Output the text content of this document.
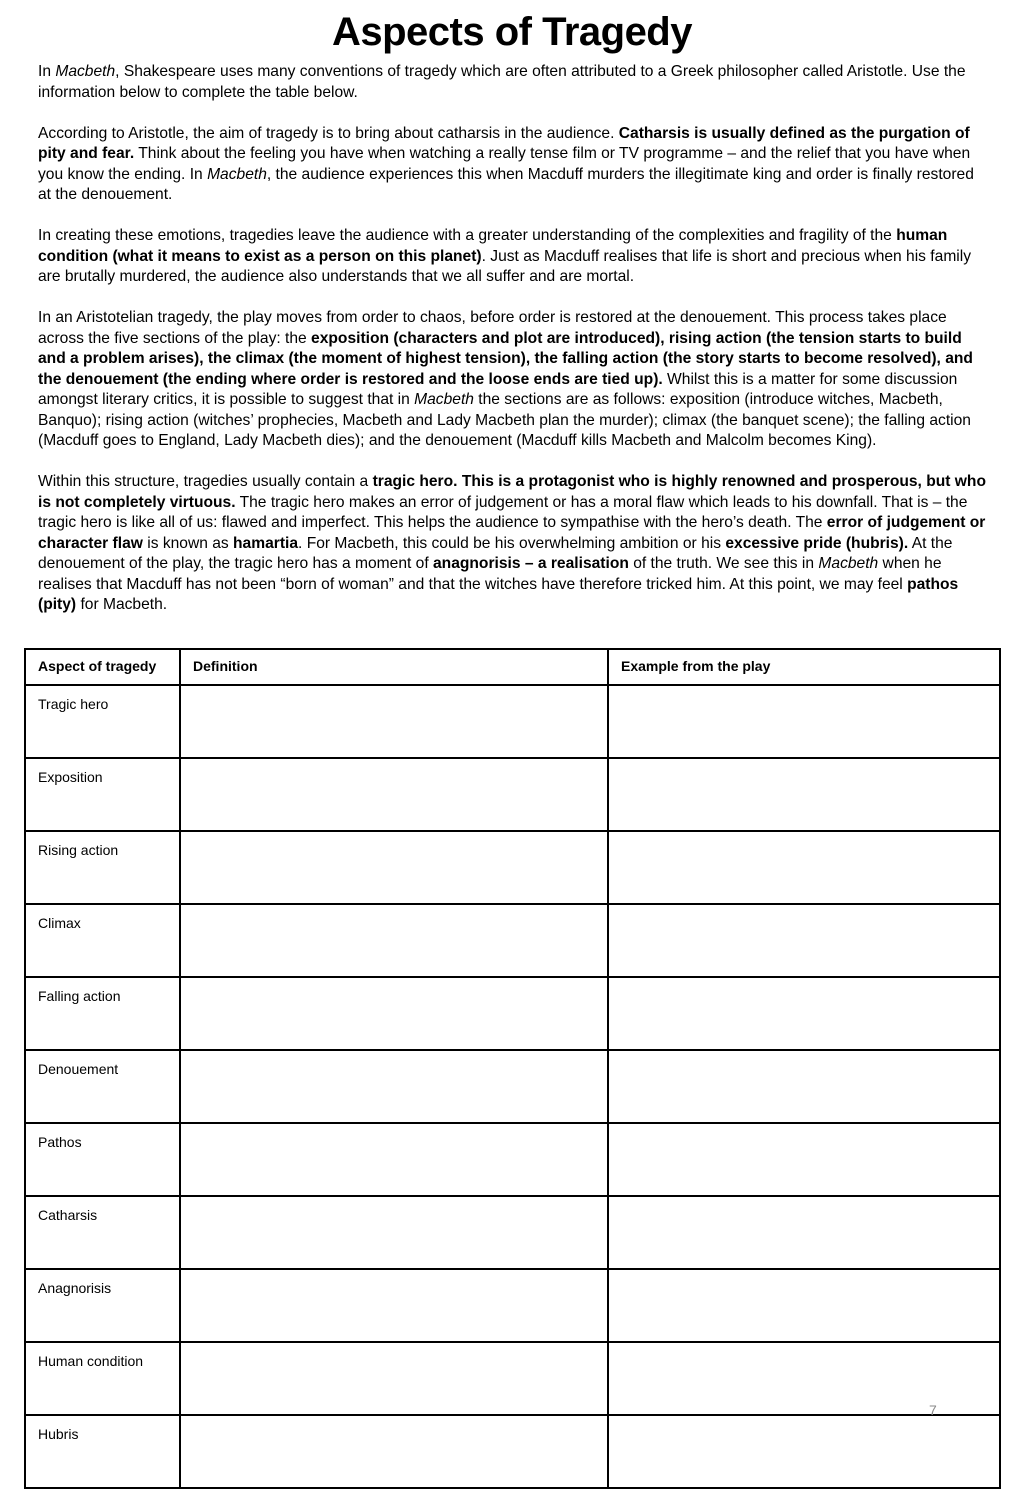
Aspects of Tragedy

In Macbeth, Shakespeare uses many conventions of tragedy which are often attributed to a Greek philosopher called Aristotle. Use the information below to complete the table below.

According to Aristotle, the aim of tragedy is to bring about catharsis in the audience. Catharsis is usually defined as the purgation of pity and fear. Think about the feeling you have when watching a really tense film or TV programme – and the relief that you have when you know the ending. In Macbeth, the audience experiences this when Macduff murders the illegitimate king and order is finally restored at the denouement.

In creating these emotions, tragedies leave the audience with a greater understanding of the complexities and fragility of the human condition (what it means to exist as a person on this planet). Just as Macduff realises that life is short and precious when his family are brutally murdered, the audience also understands that we all suffer and are mortal.

In an Aristotelian tragedy, the play moves from order to chaos, before order is restored at the denouement. This process takes place across the five sections of the play: the exposition (characters and plot are introduced), rising action (the tension starts to build and a problem arises), the climax (the moment of highest tension), the falling action (the story starts to become resolved), and the denouement (the ending where order is restored and the loose ends are tied up). Whilst this is a matter for some discussion amongst literary critics, it is possible to suggest that in Macbeth the sections are as follows: exposition (introduce witches, Macbeth, Banquo); rising action (witches’ prophecies, Macbeth and Lady Macbeth plan the murder); climax (the banquet scene); the falling action (Macduff goes to England, Lady Macbeth dies); and the denouement (Macduff kills Macbeth and Malcolm becomes King).

Within this structure, tragedies usually contain a tragic hero. This is a protagonist who is highly renowned and prosperous, but who is not completely virtuous. The tragic hero makes an error of judgement or has a moral flaw which leads to his downfall. That is – the tragic hero is like all of us: flawed and imperfect. This helps the audience to sympathise with the hero’s death. The error of judgement or character flaw is known as hamartia. For Macbeth, this could be his overwhelming ambition or his excessive pride (hubris). At the denouement of the play, the tragic hero has a moment of anagnorisis – a realisation of the truth. We see this in Macbeth when he realises that Macduff has not been “born of woman” and that the witches have therefore tricked him. At this point, we may feel pathos (pity) for Macbeth.

Aspect of tragedy	Definition	Example from the play
Tragic hero		
Exposition		
Rising action		
Climax		
Falling action		
Denouement		
Pathos		
Catharsis		
Anagnorisis		
Human condition		
Hubris		
7
